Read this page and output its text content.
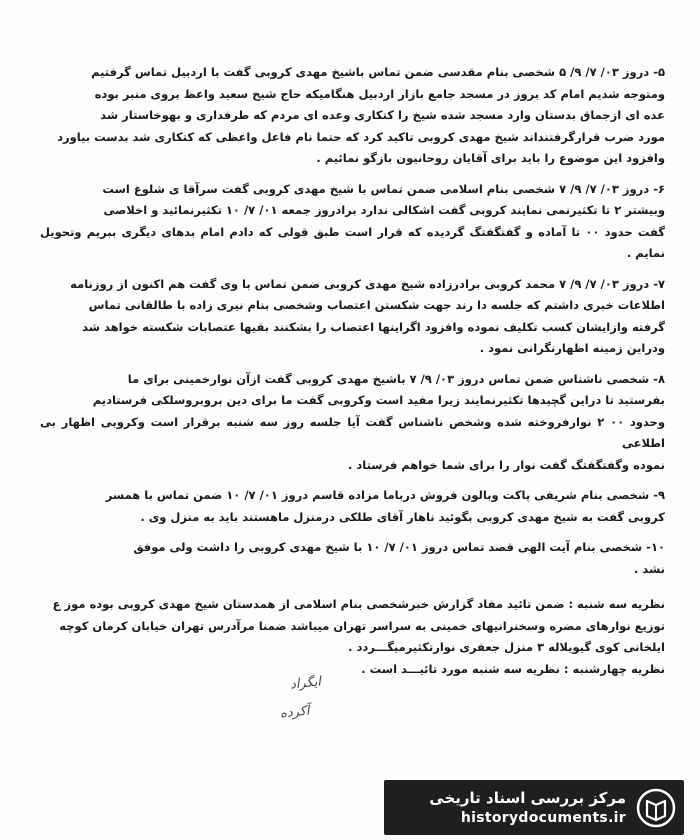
۵- دروز ۰۳/ ۷/ ۹/ ۵ شخصی بنام مقدسی ضمن تماس باشیخ مهدی کروبی گفت با اردبیل تماس گرفتیم

ومتوجه شدیم امام کد بروز در مسجد جامع بازار اردبیل هنگامیکه حاج شیخ سعید واعظ بروی منبر بوده

عده ای ازجماق بدستان وارد مسجد شده شیخ را کتکاری وعده ای مردم که طرفداری و بهوخاستار شد

مورد ضرب قرارگرفتنداند شیخ مهدی کروبی تاکید کرد که حتما نام فاعل واعظی که کتکاری شد بدست بیاورد

وافزود این موضوع را باید برای آقایان روحانیون بازگو نمائیم .

۶- دروز ۰۳/ ۷/ ۹/ ۷ شخصی بنام اسلامی ضمن تماس با شیخ مهدی کروبی گفت سرآقا ی شلوغ است

وبیشتر ۲ تا تکثیرنمی نمایند کروبی گفت اشکالی ندارد برادروز جمعه ۰۱/ ۷/ ۱۰ تکثیرنمائید و اخلاصی

گفت حدود ۰۰ تا آماده و گفتگفتگ گردیده که قرار است طبق قولی که دادم امام بدهای دیگری ببریم وتحویل نمایم .

۷- دروز ۰۳/ ۷/ ۹/ ۷ محمد کروبی برادرزاده شیخ مهدی کروبی ضمن تماس با وی گفت هم اکنون از روزنامه

اطلاعات خبری داشتم که جلسه دا رند جهت شکستن اعتصاب وشخصی بنام نیری زاده با طالقانی تماس

گرفته وازایشان کسب تکلیف نموده وافزود اگراینها اعتصاب را بشکنند بقیها عتصابات شکسته خواهد شد

ودراین زمینه اظهارنگرانی نمود .

۸- شخصی ناشناس ضمن تماس دروز ۰۳/ ۹/ ۷ باشیخ مهدی کروبی گفت ازآن نوارخمینی برای ما

بفرستید تا دراین گچیدها تکثیرنمایند زیرا مفید است وکروبی گفت ما برای دین بروبروسلکی فرستادیم

وحدود ۰۰ ۲ نوارفروخته شده وشخص ناشناس گفت آیا جلسه روز سه شنبه برقرار است وکروبی اظهار بی اطلاعی

نموده وگفتگفتگ گفت نوار را برای شما خواهم فرستاد .

۹- شخصی بنام شریفی پاکت وبالون فروش درباما مزاده قاسم دروز ۰۱/ ۷/ ۱۰ ضمن تماس با همسر

کروبی گفت به شیخ مهدی کروبی بگوئید ناهار آقای طلکی درمنزل ماهستند باید به منزل وی .

۱۰- شخصی بنام آیت الهی قصد تماس دروز ۰۱/ ۷/ ۱۰ با شیخ مهدی کروبی را داشت ولی موفق

نشد .

نظریه سه شنبه : ضمن تائید مفاد گزارش خبرشخصی بنام اسلامی از همدستان شیخ مهدی کروبی بوده موز ع

توزیع نوارهای مضره وسخنرانیهای خمینی به سراسر تهران میباشد ضمنا مرآدرس تهران خیابان کرمان کوچه

ایلخانی کوی گیویلاله ۳ منزل جعفری نوارتکثیرمیگـــردد .

نظریه چهارشنبه : نظریه سه شنبه مورد تائیـــد است .

ایگراد
آکرده
مرکز بررسی اسناد تاریخی
historydocuments.ir
